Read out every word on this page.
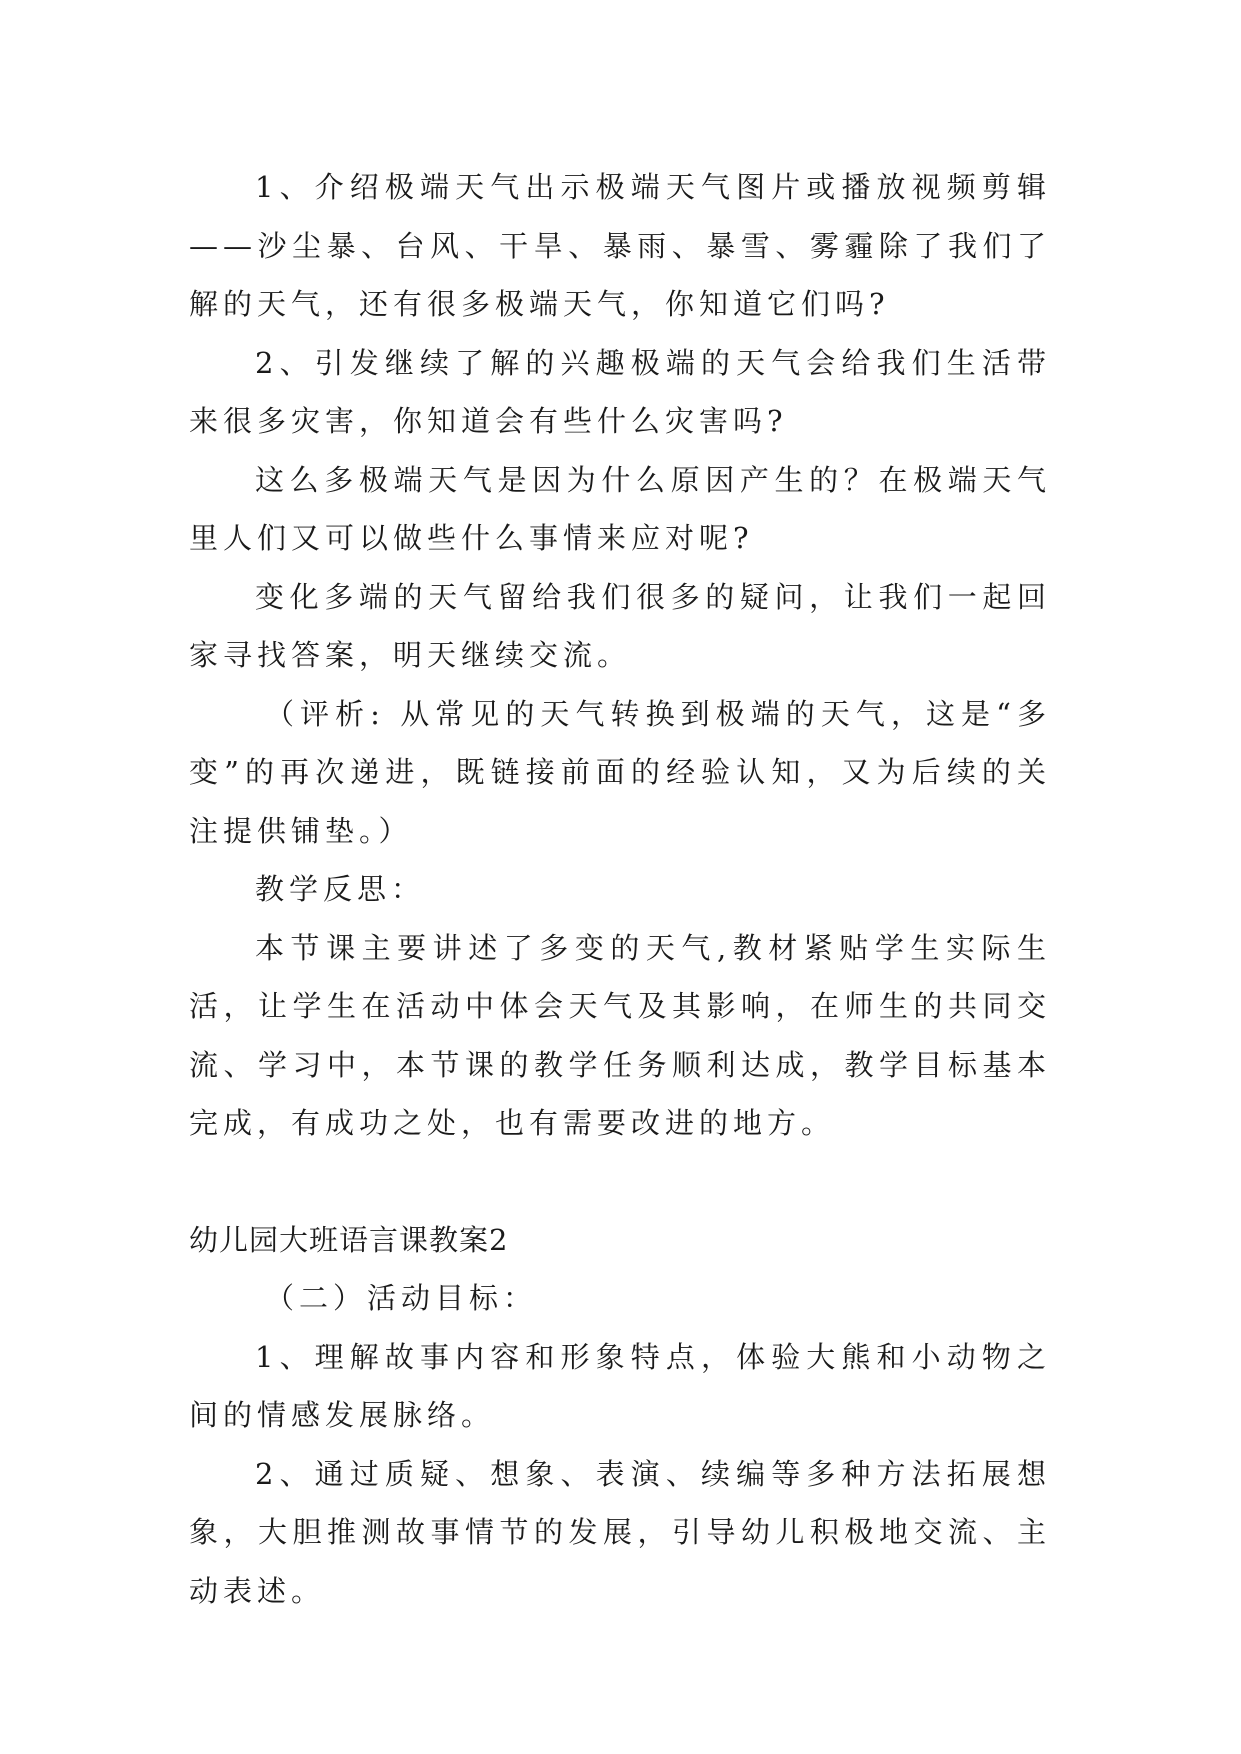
1、介绍极端天气出示极端天气图片或播放视频剪辑——沙尘暴、台风、干旱、暴雨、暴雪、雾霾除了我们了解的天气，还有很多极端天气，你知道它们吗?

2、引发继续了解的兴趣极端的天气会给我们生活带来很多灾害，你知道会有些什么灾害吗?

这么多极端天气是因为什么原因产生的？在极端天气里人们又可以做些什么事情来应对呢?

变化多端的天气留给我们很多的疑问，让我们一起回家寻找答案，明天继续交流。

（评析: 从常见的天气转换到极端的天气，这是“多变”的再次递进，既链接前面的经验认知，又为后续的关注提供铺垫。）

教学反思：

本节课主要讲述了多变的天气,教材紧贴学生实际生活，让学生在活动中体会天气及其影响，在师生的共同交流、学习中，本节课的教学任务顺利达成，教学目标基本完成，有成功之处，也有需要改进的地方。

幼儿园大班语言课教案2

（二）活动目标：

1、理解故事内容和形象特点，体验大熊和小动物之间的情感发展脉络。

2、通过质疑、想象、表演、续编等多种方法拓展想象，大胆推测故事情节的发展，引导幼儿积极地交流、主动表述。
